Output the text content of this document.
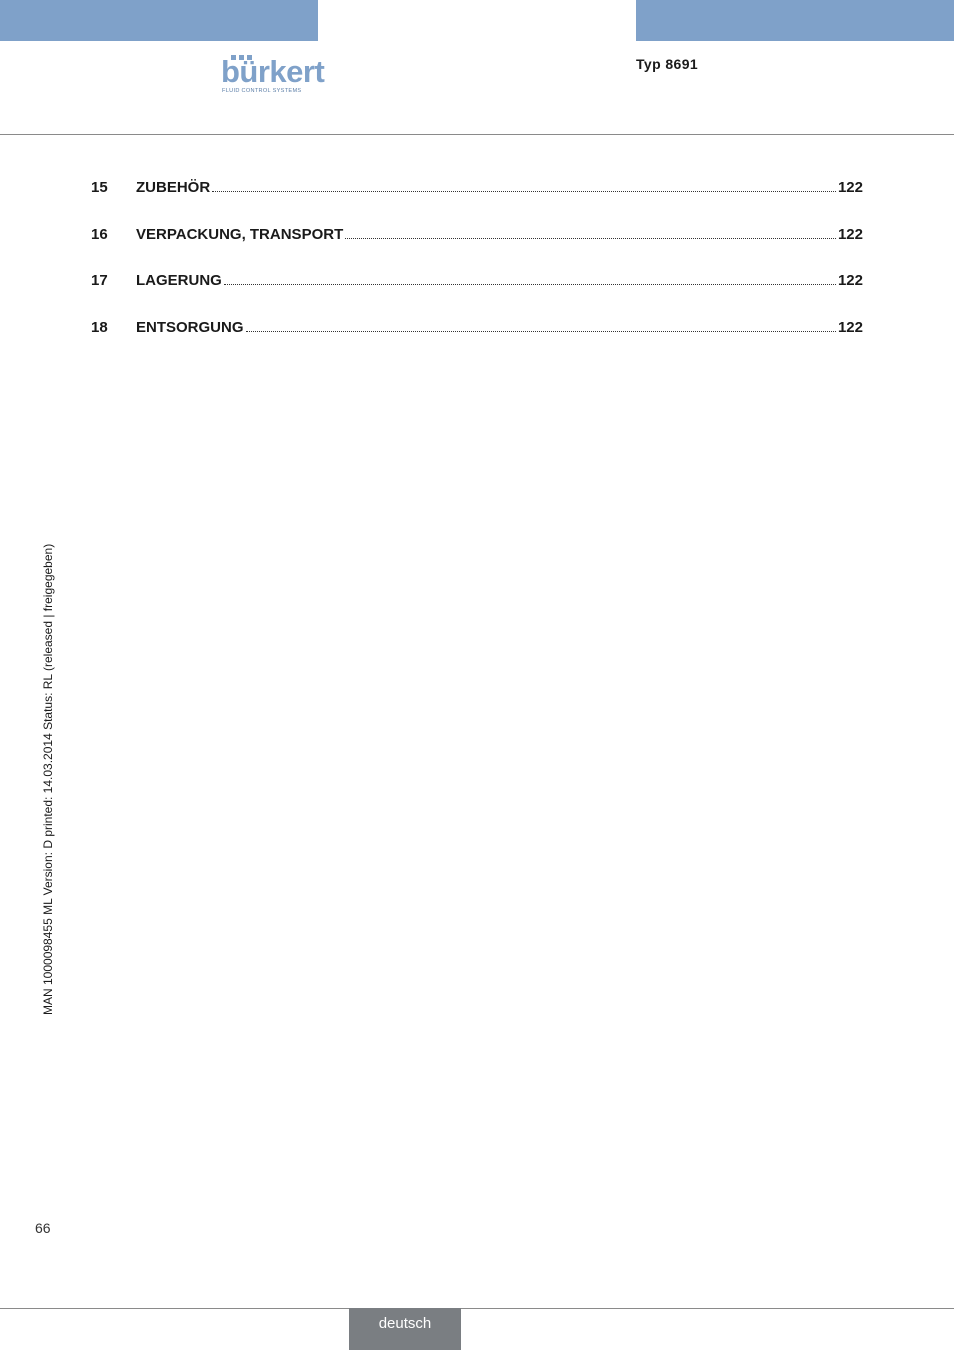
bürkert
FLUID CONTROL SYSTEMS
Typ 8691
15	ZUBEHÖR	122
16	VERPACKUNG, TRANSPORT	122
17	LAGERUNG	122
18	ENTSORGUNG	122
MAN 1000098455 ML Version: D printed: 14.03.2014 Status: RL (released | freigegeben)
66
deutsch
